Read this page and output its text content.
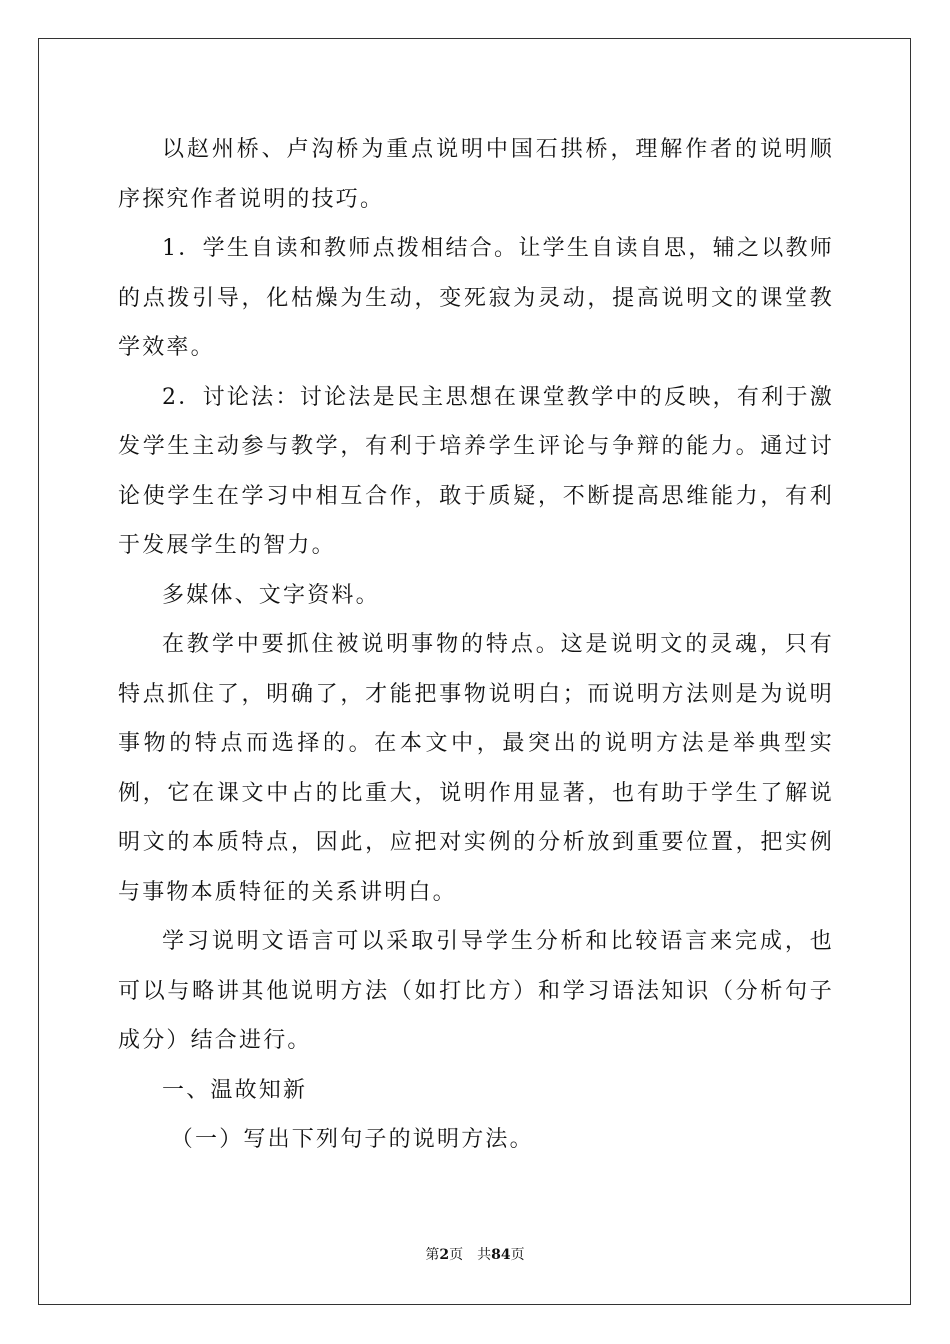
以赵州桥、卢沟桥为重点说明中国石拱桥，理解作者的说明顺序探究作者说明的技巧。

1．学生自读和教师点拨相结合。让学生自读自思，辅之以教师的点拨引导，化枯燥为生动，变死寂为灵动，提高说明文的课堂教学效率。

2．讨论法：讨论法是民主思想在课堂教学中的反映，有利于激发学生主动参与教学，有利于培养学生评论与争辩的能力。通过讨论使学生在学习中相互合作，敢于质疑，不断提高思维能力，有利于发展学生的智力。

多媒体、文字资料。

在教学中要抓住被说明事物的特点。这是说明文的灵魂，只有特点抓住了，明确了，才能把事物说明白；而说明方法则是为说明事物的特点而选择的。在本文中，最突出的说明方法是举典型实例，它在课文中占的比重大，说明作用显著，也有助于学生了解说明文的本质特点，因此，应把对实例的分析放到重要位置，把实例与事物本质特征的关系讲明白。

学习说明文语言可以采取引导学生分析和比较语言来完成，也可以与略讲其他说明方法（如打比方）和学习语法知识（分析句子成分）结合进行。

一、温故知新

（一）写出下列句子的说明方法。

第2页 共84页
